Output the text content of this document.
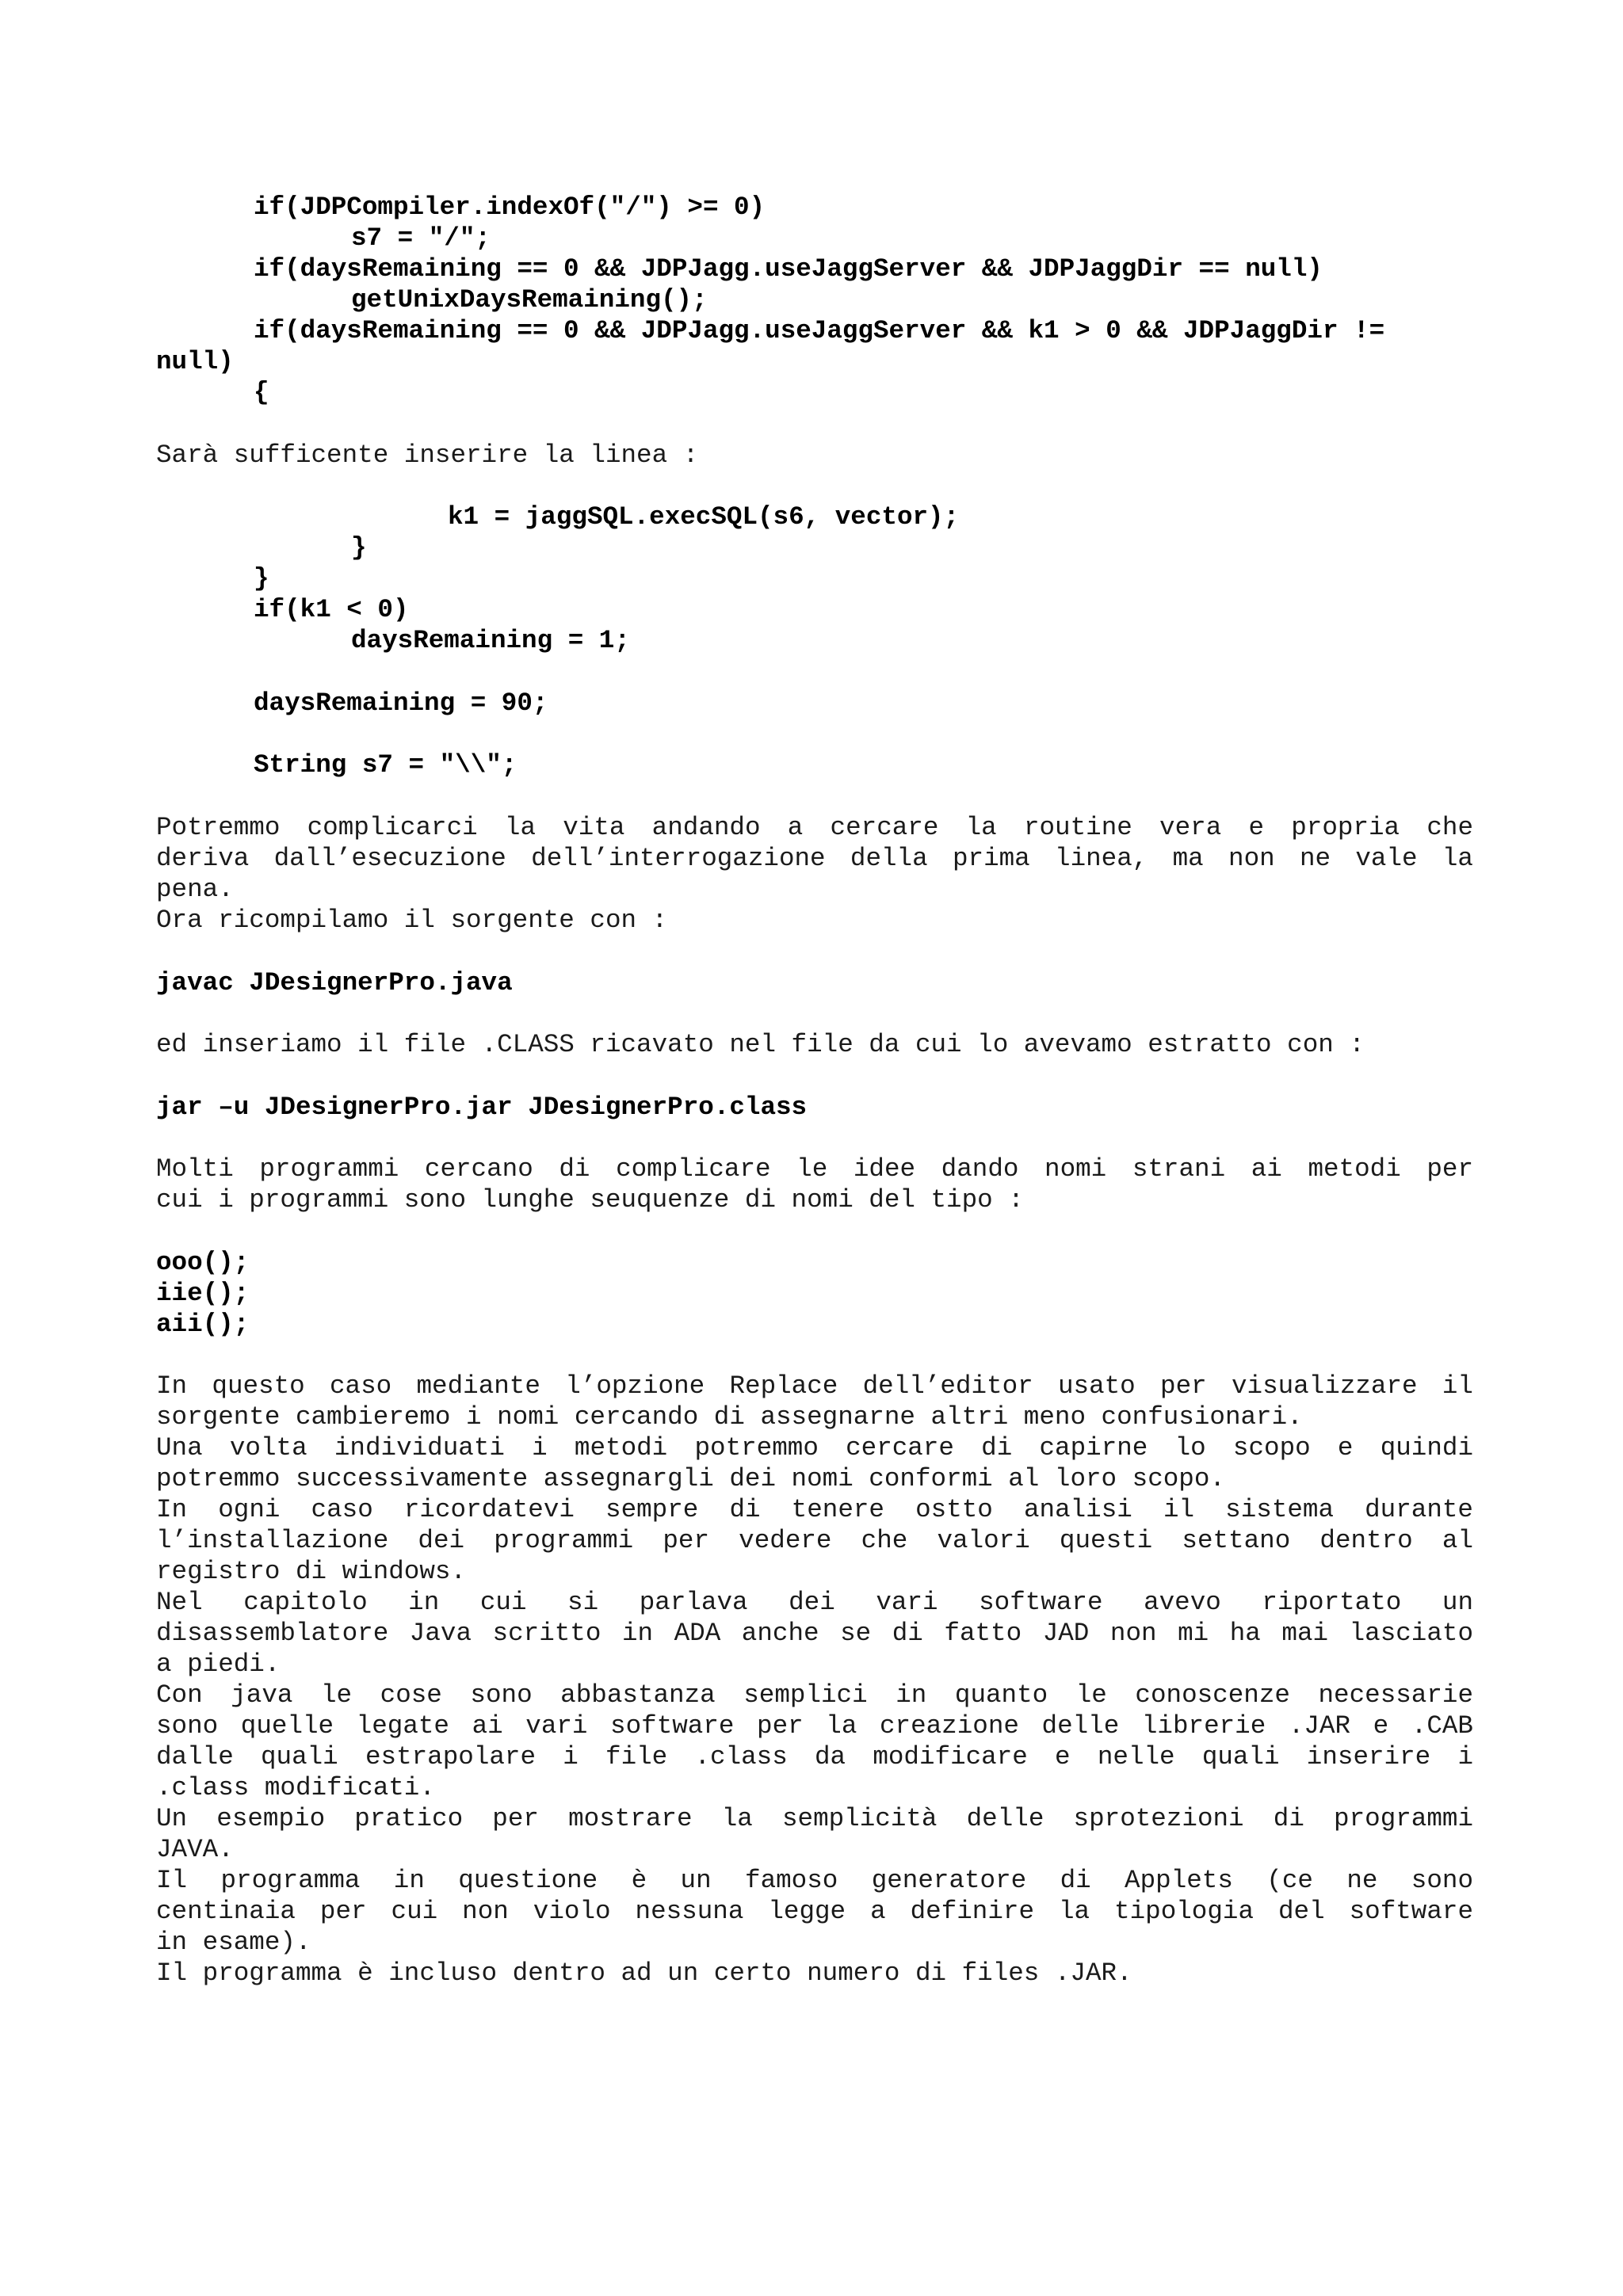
if(JDPCompiler.indexOf("/") >= 0)
s7 = "/";
if(daysRemaining == 0 && JDPJagg.useJaggServer && JDPJaggDir == null)
getUnixDaysRemaining();
if(daysRemaining == 0 && JDPJagg.useJaggServer && k1 > 0 && JDPJaggDir !=
null)
{
Sarà sufficente inserire la linea :
k1 = jaggSQL.execSQL(s6, vector);
}
}
if(k1 < 0)
daysRemaining = 1;
daysRemaining = 90;
String s7 = "\\";
Potremmo complicarci la vita andando a cercare la routine vera e propria che
deriva dall’esecuzione dell’interrogazione della prima linea, ma non ne vale la
pena.
Ora ricompilamo il sorgente con :
javac JDesignerPro.java
ed inseriamo il file .CLASS ricavato nel file da cui lo avevamo estratto con :
jar –u JDesignerPro.jar JDesignerPro.class
Molti programmi cercano di complicare le idee dando nomi strani ai metodi per
cui i programmi sono lunghe seuquenze di nomi del tipo :
ooo();
iie();
aii();
In questo caso mediante l’opzione Replace dell’editor usato per visualizzare il
sorgente cambieremo i nomi cercando di assegnarne altri meno confusionari.
Una volta individuati i metodi potremmo cercare di capirne lo scopo e quindi
potremmo successivamente assegnargli dei nomi conformi al loro scopo.
In ogni caso ricordatevi sempre di tenere ostto analisi il sistema durante
l’installazione dei programmi per vedere che valori questi settano dentro al
registro di windows.
Nel capitolo in cui si parlava dei vari software avevo riportato un
disassemblatore Java scritto in ADA anche se di fatto JAD non mi ha mai lasciato
a piedi.
Con java le cose sono abbastanza semplici in quanto le conoscenze necessarie
sono quelle legate ai vari software per la creazione delle librerie .JAR e .CAB
dalle quali estrapolare i file .class da modificare e nelle quali inserire i
.class modificati.
Un esempio pratico per mostrare la semplicità delle sprotezioni di programmi
JAVA.
Il programma in questione è un famoso generatore di Applets (ce ne sono
centinaia per cui non violo nessuna legge a definire la tipologia del software
in esame).
Il programma è incluso dentro ad un certo numero di files .JAR.
